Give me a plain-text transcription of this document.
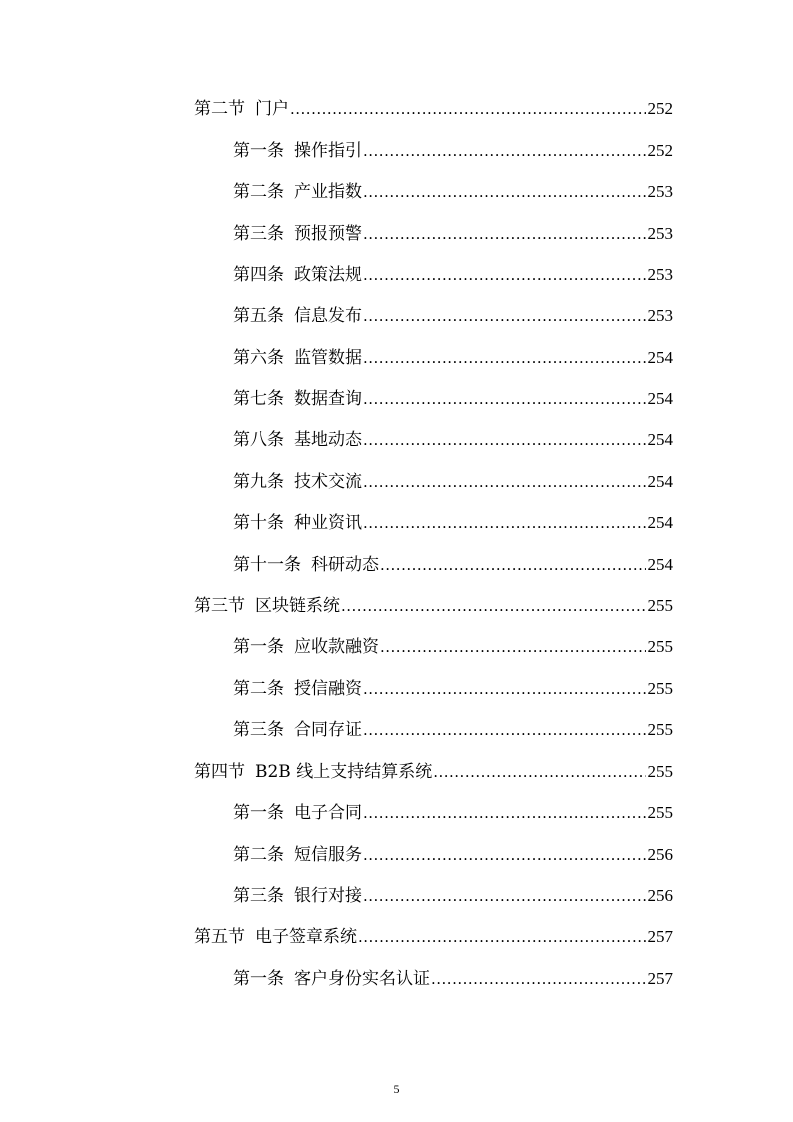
第二节 门户 .....	252
第一条 操作指引 .....	252
第二条 产业指数 .....	253
第三条 预报预警 .....	253
第四条 政策法规 .....	253
第五条 信息发布 .....	253
第六条 监管数据 .....	254
第七条 数据查询 .....	254
第八条 基地动态 .....	254
第九条 技术交流 .....	254
第十条 种业资讯 .....	254
第十一条 科研动态 .....	254
第三节 区块链系统 .....	255
第一条 应收款融资 .....	255
第二条 授信融资 .....	255
第三条 合同存证 .....	255
第四节 B2B 线上支持结算系统 .....	255
第一条 电子合同 .....	255
第二条 短信服务 .....	256
第三条 银行对接 .....	256
第五节 电子签章系统 .....	257
第一条 客户身份实名认证 .....	257
5
